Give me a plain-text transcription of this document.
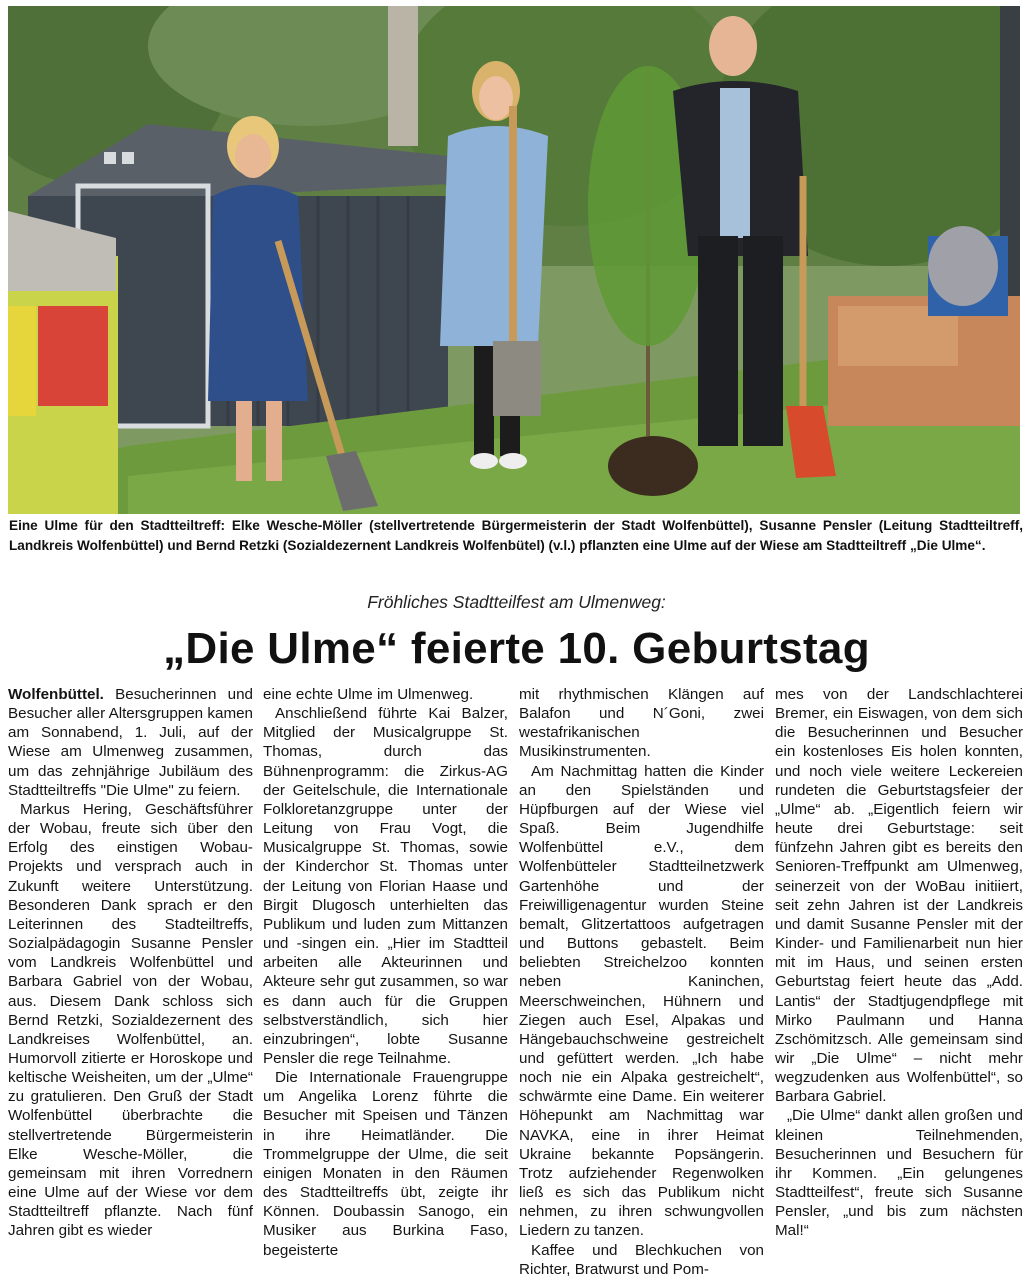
Eine Ulme für den Stadtteiltreff: Elke Wesche-Möller (stellvertretende Bürgermeisterin der Stadt Wolfenbüttel), Susanne Pensler (Leitung Stadtteiltreff, Landkreis Wolfenbüttel) und Bernd Retzki (Sozialdezernent Landkreis Wolfenbütel) (v.l.) pflanzten eine Ulme auf der Wiese am Stadtteiltreff „Die Ulme“.
Fröhliches Stadtteilfest am Ulmenweg:
„Die Ulme“ feierte 10. Geburtstag

Wolfenbüttel. Besucherinnen und Besucher aller Altersgruppen kamen am Sonnabend, 1. Juli, auf der Wiese am Ulmenweg zusammen, um das zehnjährige Jubiläum des Stadtteiltreffs "Die Ulme" zu feiern.

Markus Hering, Geschäftsführer der Wobau, freute sich über den Erfolg des einstigen Wobau-Projekts und versprach auch in Zukunft weitere Unterstützung. Besonderen Dank sprach er den Leiterinnen des Stadteiltreffs, Sozialpädagogin Susanne Pensler vom Landkreis Wolfenbüttel und Barbara Gabriel von der Wobau, aus. Diesem Dank schloss sich Bernd Retzki, Sozialdezernent des Landkreises Wolfenbüttel, an. Humorvoll zitierte er Horoskope und keltische Weisheiten, um der „Ulme“ zu gratulieren. Den Gruß der Stadt Wolfenbüttel überbrachte die stellvertretende Bürgermeisterin Elke Wesche-Möller, die gemeinsam mit ihren Vorrednern eine Ulme auf der Wiese vor dem Stadtteiltreff pflanzte. Nach fünf Jahren gibt es wieder

eine echte Ulme im Ulmenweg.

Anschließend führte Kai Balzer, Mitglied der Musicalgruppe St. Thomas, durch das Bühnenprogramm: die Zirkus-AG der Geitelschule, die Internationale Folkloretanzgruppe unter der Leitung von Frau Vogt, die Musicalgruppe St. Thomas, sowie der Kinderchor St. Thomas unter der Leitung von Florian Haase und Birgit Dlugosch unterhielten das Publikum und luden zum Mittanzen und -singen ein. „Hier im Stadtteil arbeiten alle Akteurinnen und Akteure sehr gut zusammen, so war es dann auch für die Gruppen selbstverständlich, sich hier einzubringen“, lobte Susanne Pensler die rege Teilnahme.

Die Internationale Frauengruppe um Angelika Lorenz führte die Besucher mit Speisen und Tänzen in ihre Heimatländer. Die Trommelgruppe der Ulme, die seit einigen Monaten in den Räumen des Stadtteiltreffs übt, zeigte ihr Können. Doubassin Sanogo, ein Musiker aus Burkina Faso, begeisterte

mit rhythmischen Klängen auf Balafon und N´Goni, zwei westafrikanischen Musikinstrumenten.

Am Nachmittag hatten die Kinder an den Spielständen und Hüpfburgen auf der Wiese viel Spaß. Beim Jugendhilfe Wolfenbüttel e.V., dem Wolfenbütteler Stadtteilnetzwerk Gartenhöhe und der Freiwilligenagentur wurden Steine bemalt, Glitzertattoos aufgetragen und Buttons gebastelt. Beim beliebten Streichelzoo konnten neben Kaninchen, Meerschweinchen, Hühnern und Ziegen auch Esel, Alpakas und Hängebauchschweine gestreichelt und gefüttert werden. „Ich habe noch nie ein Alpaka gestreichelt“, schwärmte eine Dame. Ein weiterer Höhepunkt am Nachmittag war NAVKA, eine in ihrer Heimat Ukraine bekannte Popsängerin. Trotz aufziehender Regenwolken ließ es sich das Publikum nicht nehmen, zu ihren schwungvollen Liedern zu tanzen.

Kaffee und Blechkuchen von Richter, Bratwurst und Pom-

mes von der Landschlachterei Bremer, ein Eiswagen, von dem sich die Besucherinnen und Besucher ein kostenloses Eis holen konnten, und noch viele weitere Leckereien rundeten die Geburtstagsfeier der „Ulme“ ab. „Eigentlich feiern wir heute drei Geburtstage: seit fünfzehn Jahren gibt es bereits den Senioren-Treffpunkt am Ulmenweg, seinerzeit von der WoBau initiiert, seit zehn Jahren ist der Landkreis und damit Susanne Pensler mit der Kinder- und Familienarbeit nun hier mit im Haus, und seinen ersten Geburtstag feiert heute das „Add. Lantis“ der Stadtjugendpflege mit Mirko Paulmann und Hanna Zschömitzsch. Alle gemeinsam sind wir „Die Ulme“ – nicht mehr wegzudenken aus Wolfenbüttel“, so Barbara Gabriel.

„Die Ulme“ dankt allen großen und kleinen Teilnehmenden, Besucherinnen und Besuchern für ihr Kommen. „Ein gelungenes Stadtteilfest“, freute sich Susanne Pensler, „und bis zum nächsten Mal!“
